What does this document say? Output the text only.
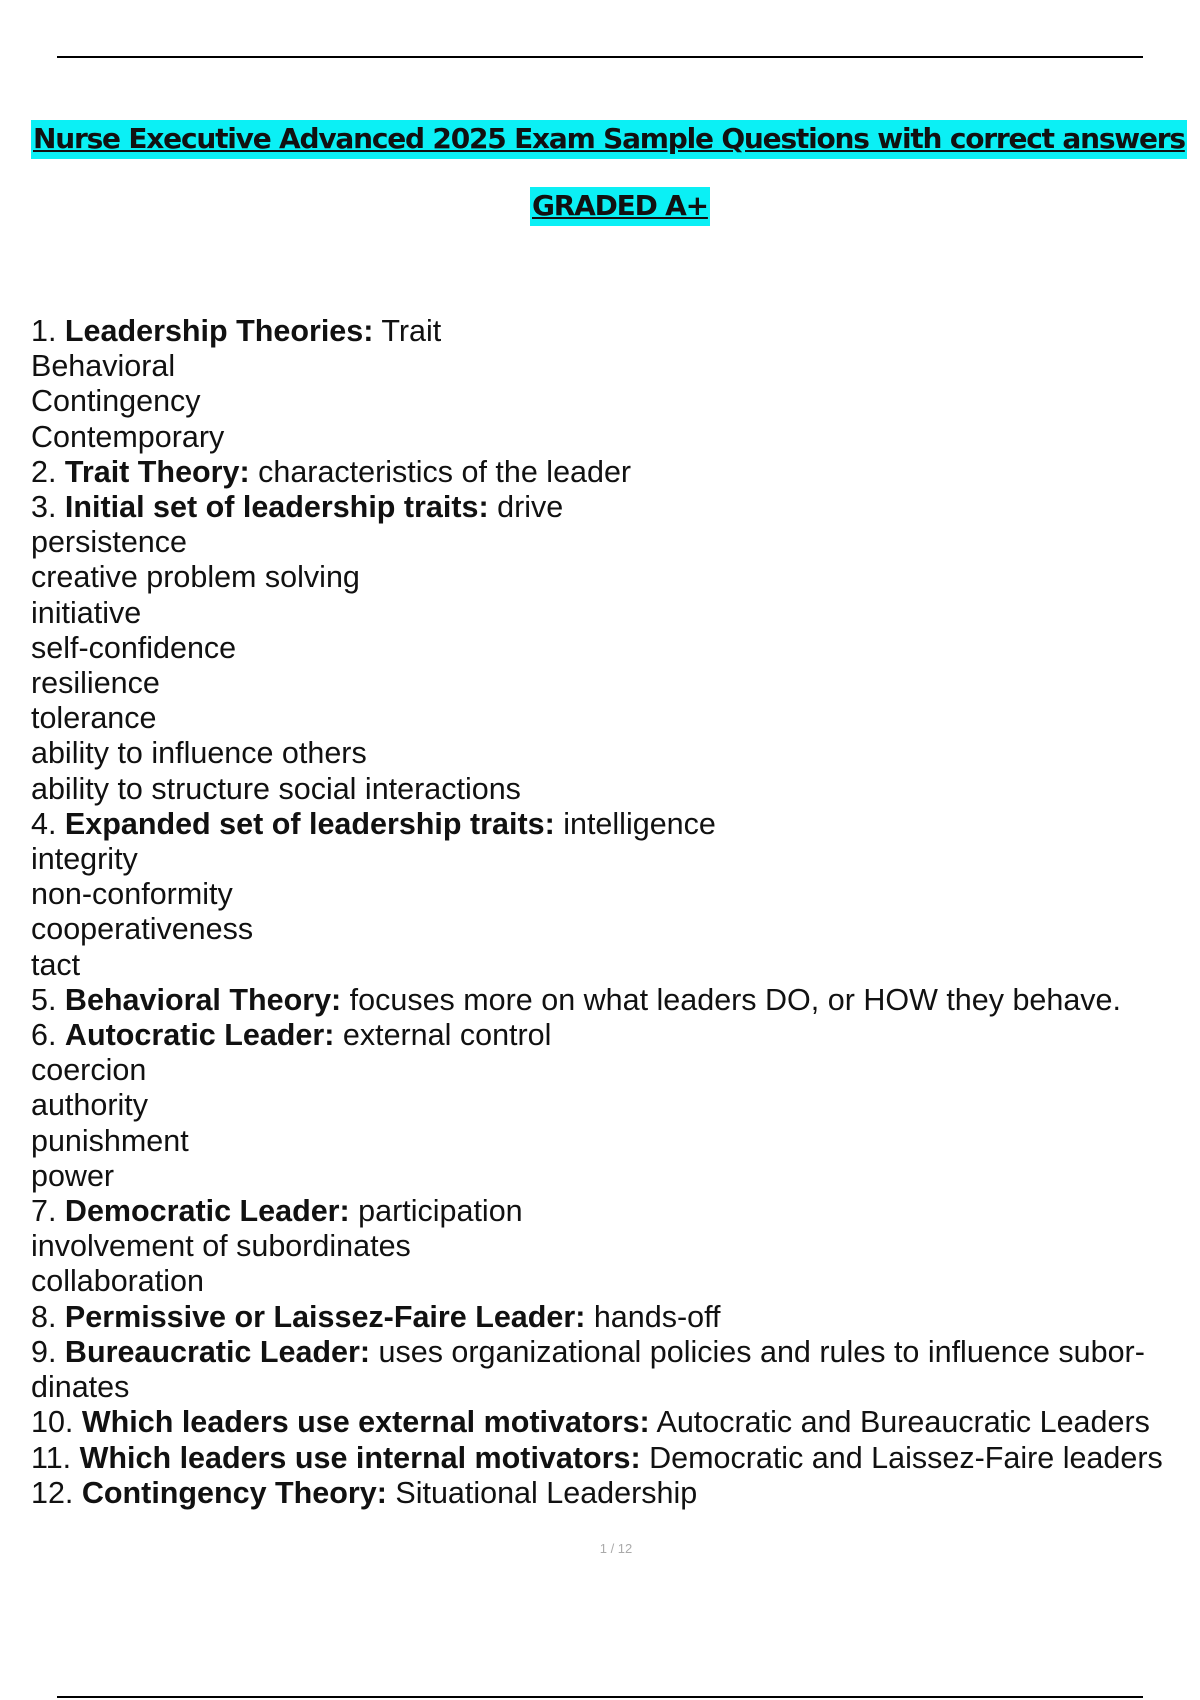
Nurse Executive Advanced 2025 Exam Sample Questions with correct answers
GRADED A+
1. Leadership Theories: Trait
Behavioral
Contingency
Contemporary
2. Trait Theory: characteristics of the leader
3. Initial set of leadership traits: drive
persistence
creative problem solving
initiative
self-confidence
resilience
tolerance
ability to influence others
ability to structure social interactions
4. Expanded set of leadership traits: intelligence
integrity
non-conformity
cooperativeness
tact
5. Behavioral Theory: focuses more on what leaders DO, or HOW they behave.
6. Autocratic Leader: external control
coercion
authority
punishment
power
7. Democratic Leader: participation
involvement of subordinates
collaboration
8. Permissive or Laissez-Faire Leader: hands-off
9. Bureaucratic Leader: uses organizational policies and rules to influence subor-
dinates
10. Which leaders use external motivators: Autocratic and Bureaucratic Leaders
11. Which leaders use internal motivators: Democratic and Laissez-Faire leaders
12. Contingency Theory: Situational Leadership
1 / 12
